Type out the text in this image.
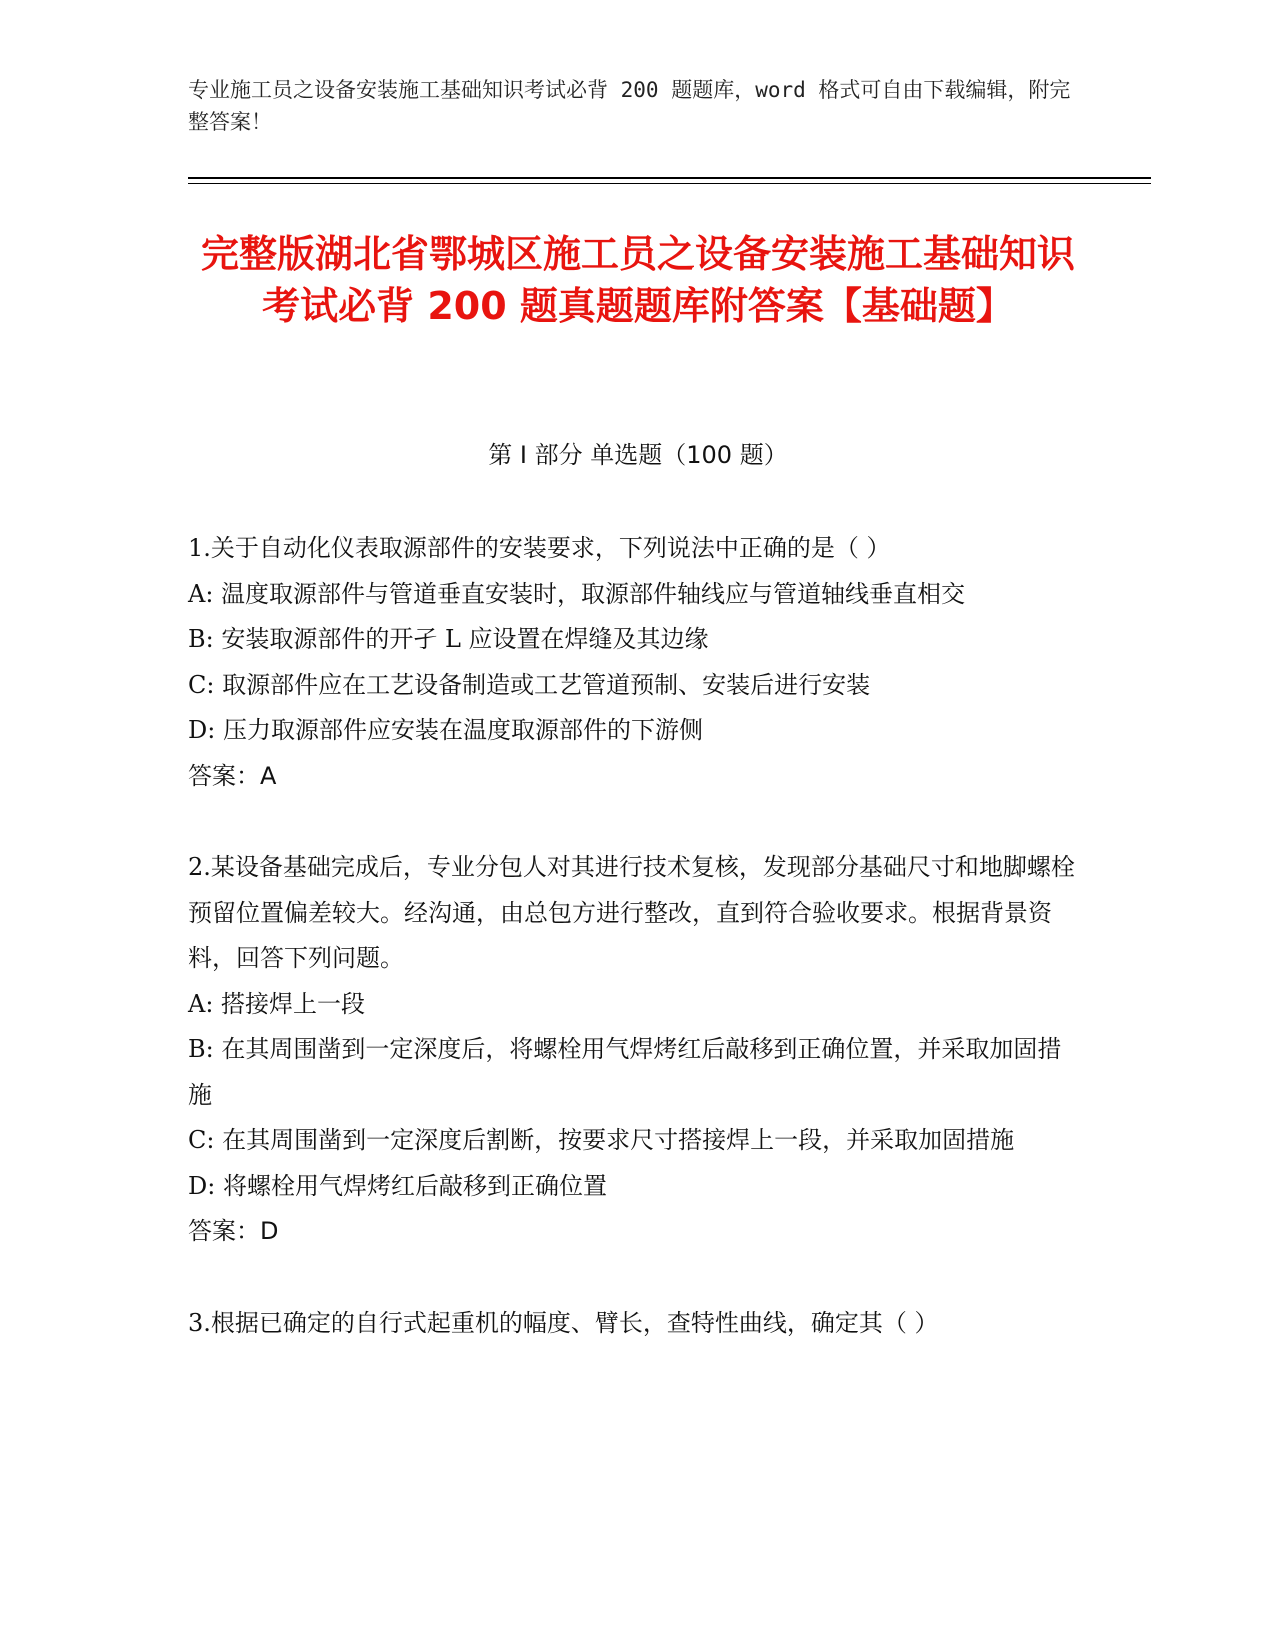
专业施工员之设备安装施工基础知识考试必背 200 题题库，word 格式可自由下载编辑，附完整答案！
完整版湖北省鄂城区施工员之设备安装施工基础知识考试必背 200 题真题题库附答案【基础题】
第 I 部分 单选题（100 题）
1.关于自动化仪表取源部件的安装要求，下列说法中正确的是（ ）
A: 温度取源部件与管道垂直安装时，取源部件轴线应与管道轴线垂直相交
B: 安装取源部件的开孑 L 应设置在焊缝及其边缘
C: 取源部件应在工艺设备制造或工艺管道预制、安装后进行安装
D: 压力取源部件应安装在温度取源部件的下游侧
答案：A
2.某设备基础完成后，专业分包人对其进行技术复核，发现部分基础尺寸和地脚螺栓预留位置偏差较大。经沟通，由总包方进行整改，直到符合验收要求。根据背景资料，回答下列问题。
A: 搭接焊上一段
B: 在其周围凿到一定深度后，将螺栓用气焊烤红后敲移到正确位置，并采取加固措施
C: 在其周围凿到一定深度后割断，按要求尺寸搭接焊上一段，并采取加固措施
D: 将螺栓用气焊烤红后敲移到正确位置
答案：D
3.根据已确定的自行式起重机的幅度、臂长，查特性曲线，确定其（ ）
